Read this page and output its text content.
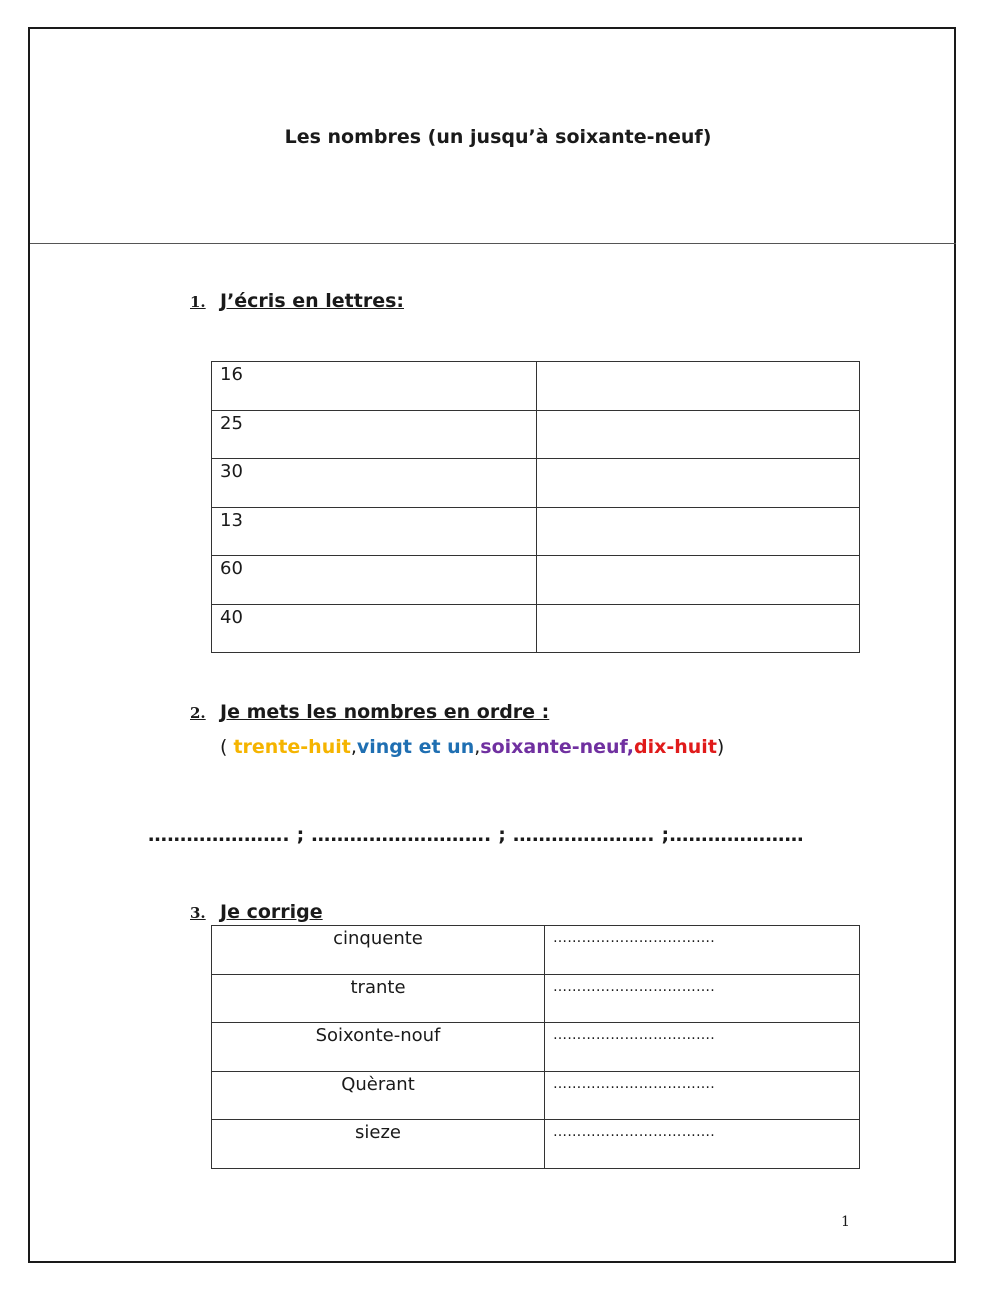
Les nombres (un jusqu’à soixante-neuf)
1. J’écris en lettres:
16	
25	
30	
13	
60	
40	
2. Je mets les nombres en ordre :
( trente-huit,vingt et un,soixante-neuf,dix-huit)
…………………. ; ………………………. ; …………………. ;…………………
3. Je corrige
cinquente	…………………………….
trante	…………………………….
Soixonte-nouf	…………………………….
Quèrant	…………………………….
sieze	…………………………….
1
